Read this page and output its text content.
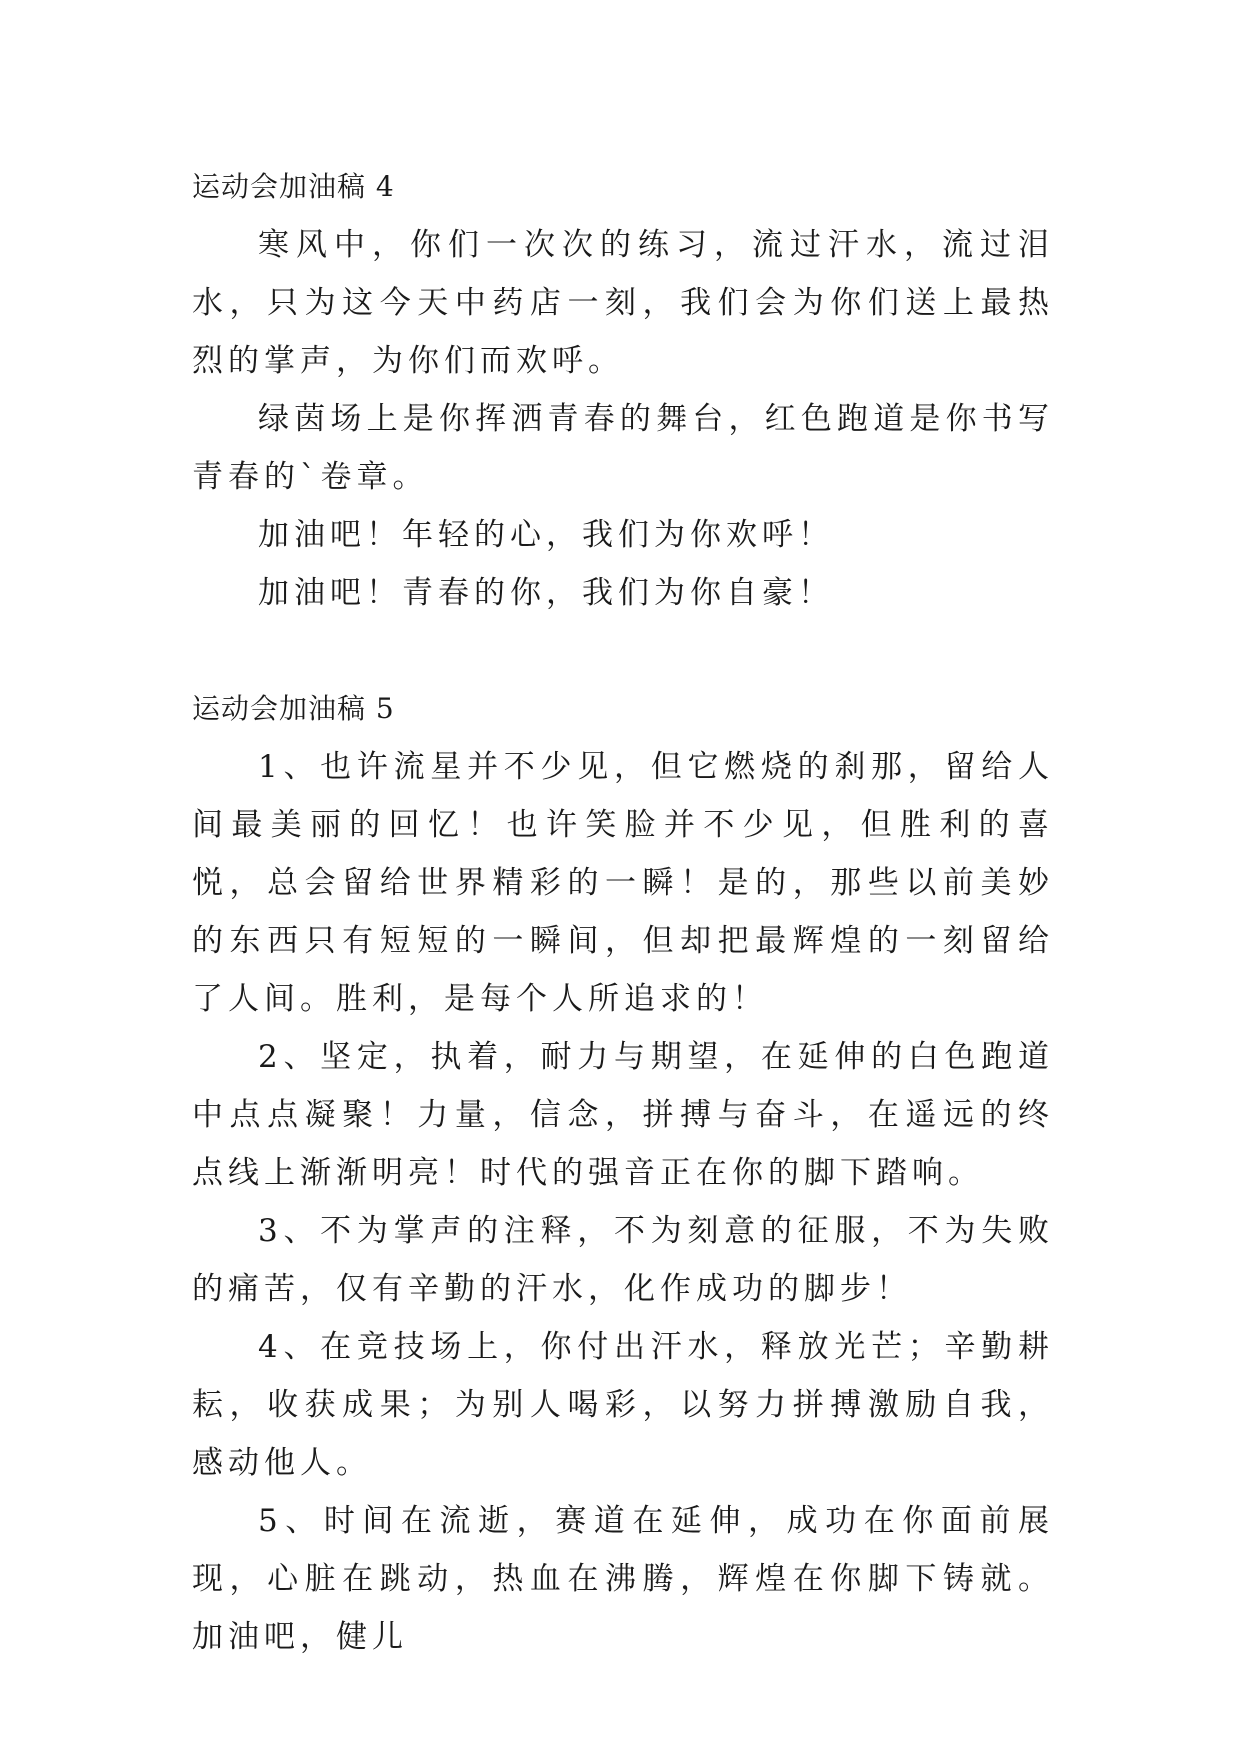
运动会加油稿 4

寒风中，你们一次次的练习，流过汗水，流过泪水，只为这今天中药店一刻，我们会为你们送上最热烈的掌声，为你们而欢呼。

绿茵场上是你挥洒青春的舞台，红色跑道是你书写青春的`卷章。

加油吧！年轻的心，我们为你欢呼！

加油吧！青春的你，我们为你自豪！

运动会加油稿 5

1、也许流星并不少见，但它燃烧的刹那，留给人间最美丽的回忆！也许笑脸并不少见，但胜利的喜悦，总会留给世界精彩的一瞬！是的，那些以前美妙的东西只有短短的一瞬间，但却把最辉煌的一刻留给了人间。胜利，是每个人所追求的！

2、坚定，执着，耐力与期望，在延伸的白色跑道中点点凝聚！力量，信念，拼搏与奋斗，在遥远的终点线上渐渐明亮！时代的强音正在你的脚下踏响。

3、不为掌声的注释，不为刻意的征服，不为失败的痛苦，仅有辛勤的汗水，化作成功的脚步！

4、在竞技场上，你付出汗水，释放光芒；辛勤耕耘，收获成果；为别人喝彩，以努力拼搏激励自我，感动他人。

5、时间在流逝，赛道在延伸，成功在你面前展现，心脏在跳动，热血在沸腾，辉煌在你脚下铸就。加油吧，健儿
